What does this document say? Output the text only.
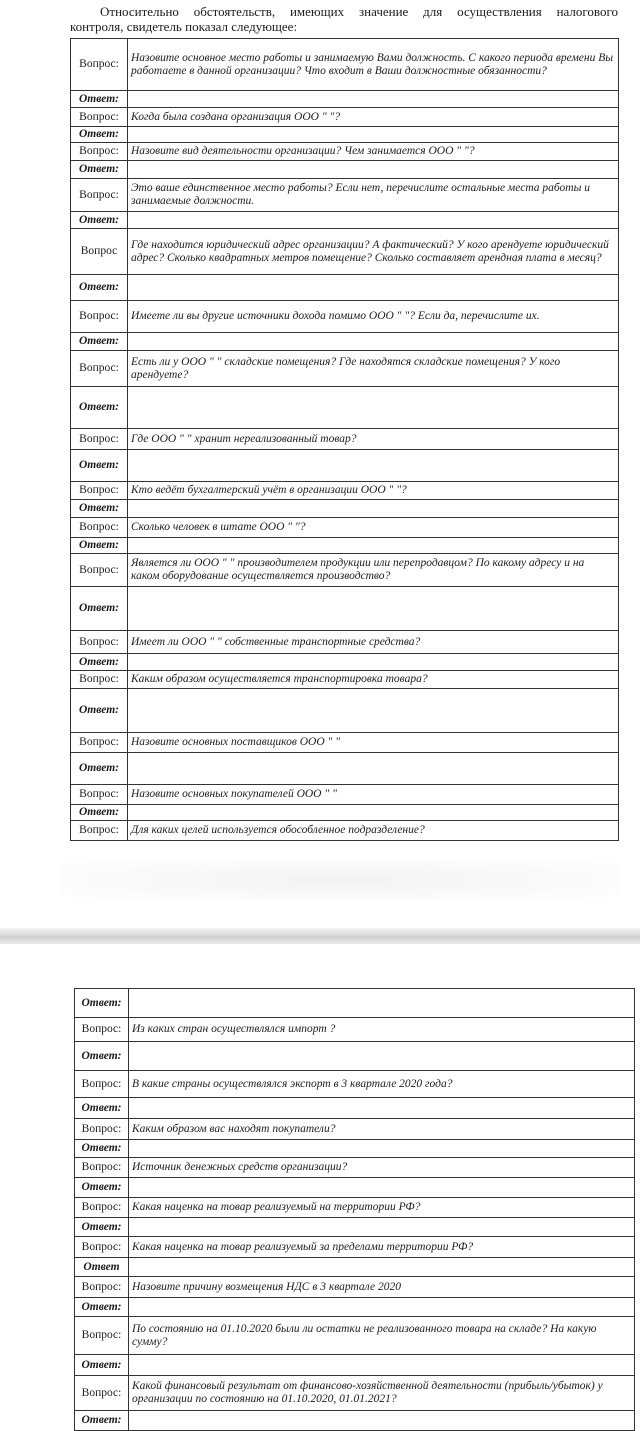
Относительно обстоятельств, имеющих значение для осуществления налогового
контроля, свидетель показал следующее:
Вопрос:	Назовите основное место работы и занимаемую Вами должность. С какого периода времени Вы работаете в данной организации? Что входит в Ваши должностные обязанности?
Ответ:	
Вопрос:	Когда была создана организация ООО " "?
Ответ:	
Вопрос:	Назовите вид деятельности организации? Чем занимается ООО " "?
Ответ:	
Вопрос:	Это ваше единственное место работы? Если нет, перечислите остальные места работы и занимаемые должности.
Ответ:	
Вопрос	Где находится юридический адрес организации? А фактический? У кого арендуете юридический адрес? Сколько квадратных метров помещение? Сколько составляет арендная плата в месяц?
Ответ:	
Вопрос:	Имеете ли вы другие источники дохода помимо ООО " "? Если да, перечислите их.
Ответ:	
Вопрос:	Есть ли у ООО " " складские помещения? Где находятся складские помещения? У кого арендуете?
Ответ:	
Вопрос:	Где ООО " " хранит нереализованный товар?
Ответ:	
Вопрос:	Кто ведёт бухгалтерский учёт в организации ООО " "?
Ответ:	
Вопрос:	Сколько человек в штате ООО " "?
Ответ:	
Вопрос:	Является ли ООО " " производителем продукции или перепродавцом? По какому адресу и на каком оборудование осуществляется производство?
Ответ:	
Вопрос:	Имеет ли ООО " " собственные транспортные средства?
Ответ:	
Вопрос:	Каким образом осуществляется транспортировка товара?
Ответ:	
Вопрос:	Назовите основных поставщиков ООО " "
Ответ:	
Вопрос:	Назовите основных покупателей ООО " "
Ответ:	
Вопрос:	Для каких целей используется обособленное подразделение?
Ответ:	
Вопрос:	Из каких стран осуществлялся импорт ?
Ответ:	
Вопрос:	В какие страны осуществлялся экспорт в 3 квартале 2020 года?
Ответ:	
Вопрос:	Каким образом вас находят покупатели?
Ответ:	
Вопрос:	Источник денежных средств организации?
Ответ:	
Вопрос:	Какая наценка на товар реализуемый на территории РФ?
Ответ:	
Вопрос:	Какая наценка на товар реализуемый за пределами территории РФ?
Ответ	
Вопрос:	Назовите причину возмещения НДС в 3 квартале 2020
Ответ:	
Вопрос:	По состоянию на 01.10.2020 были ли остатки не реализованного товара на складе? На какую сумму?
Ответ:	
Вопрос:	Какой финансовый результат от финансово-хозяйственной деятельности (прибыль/убыток) у организации по состоянию на 01.10.2020, 01.01.2021?
Ответ:	
